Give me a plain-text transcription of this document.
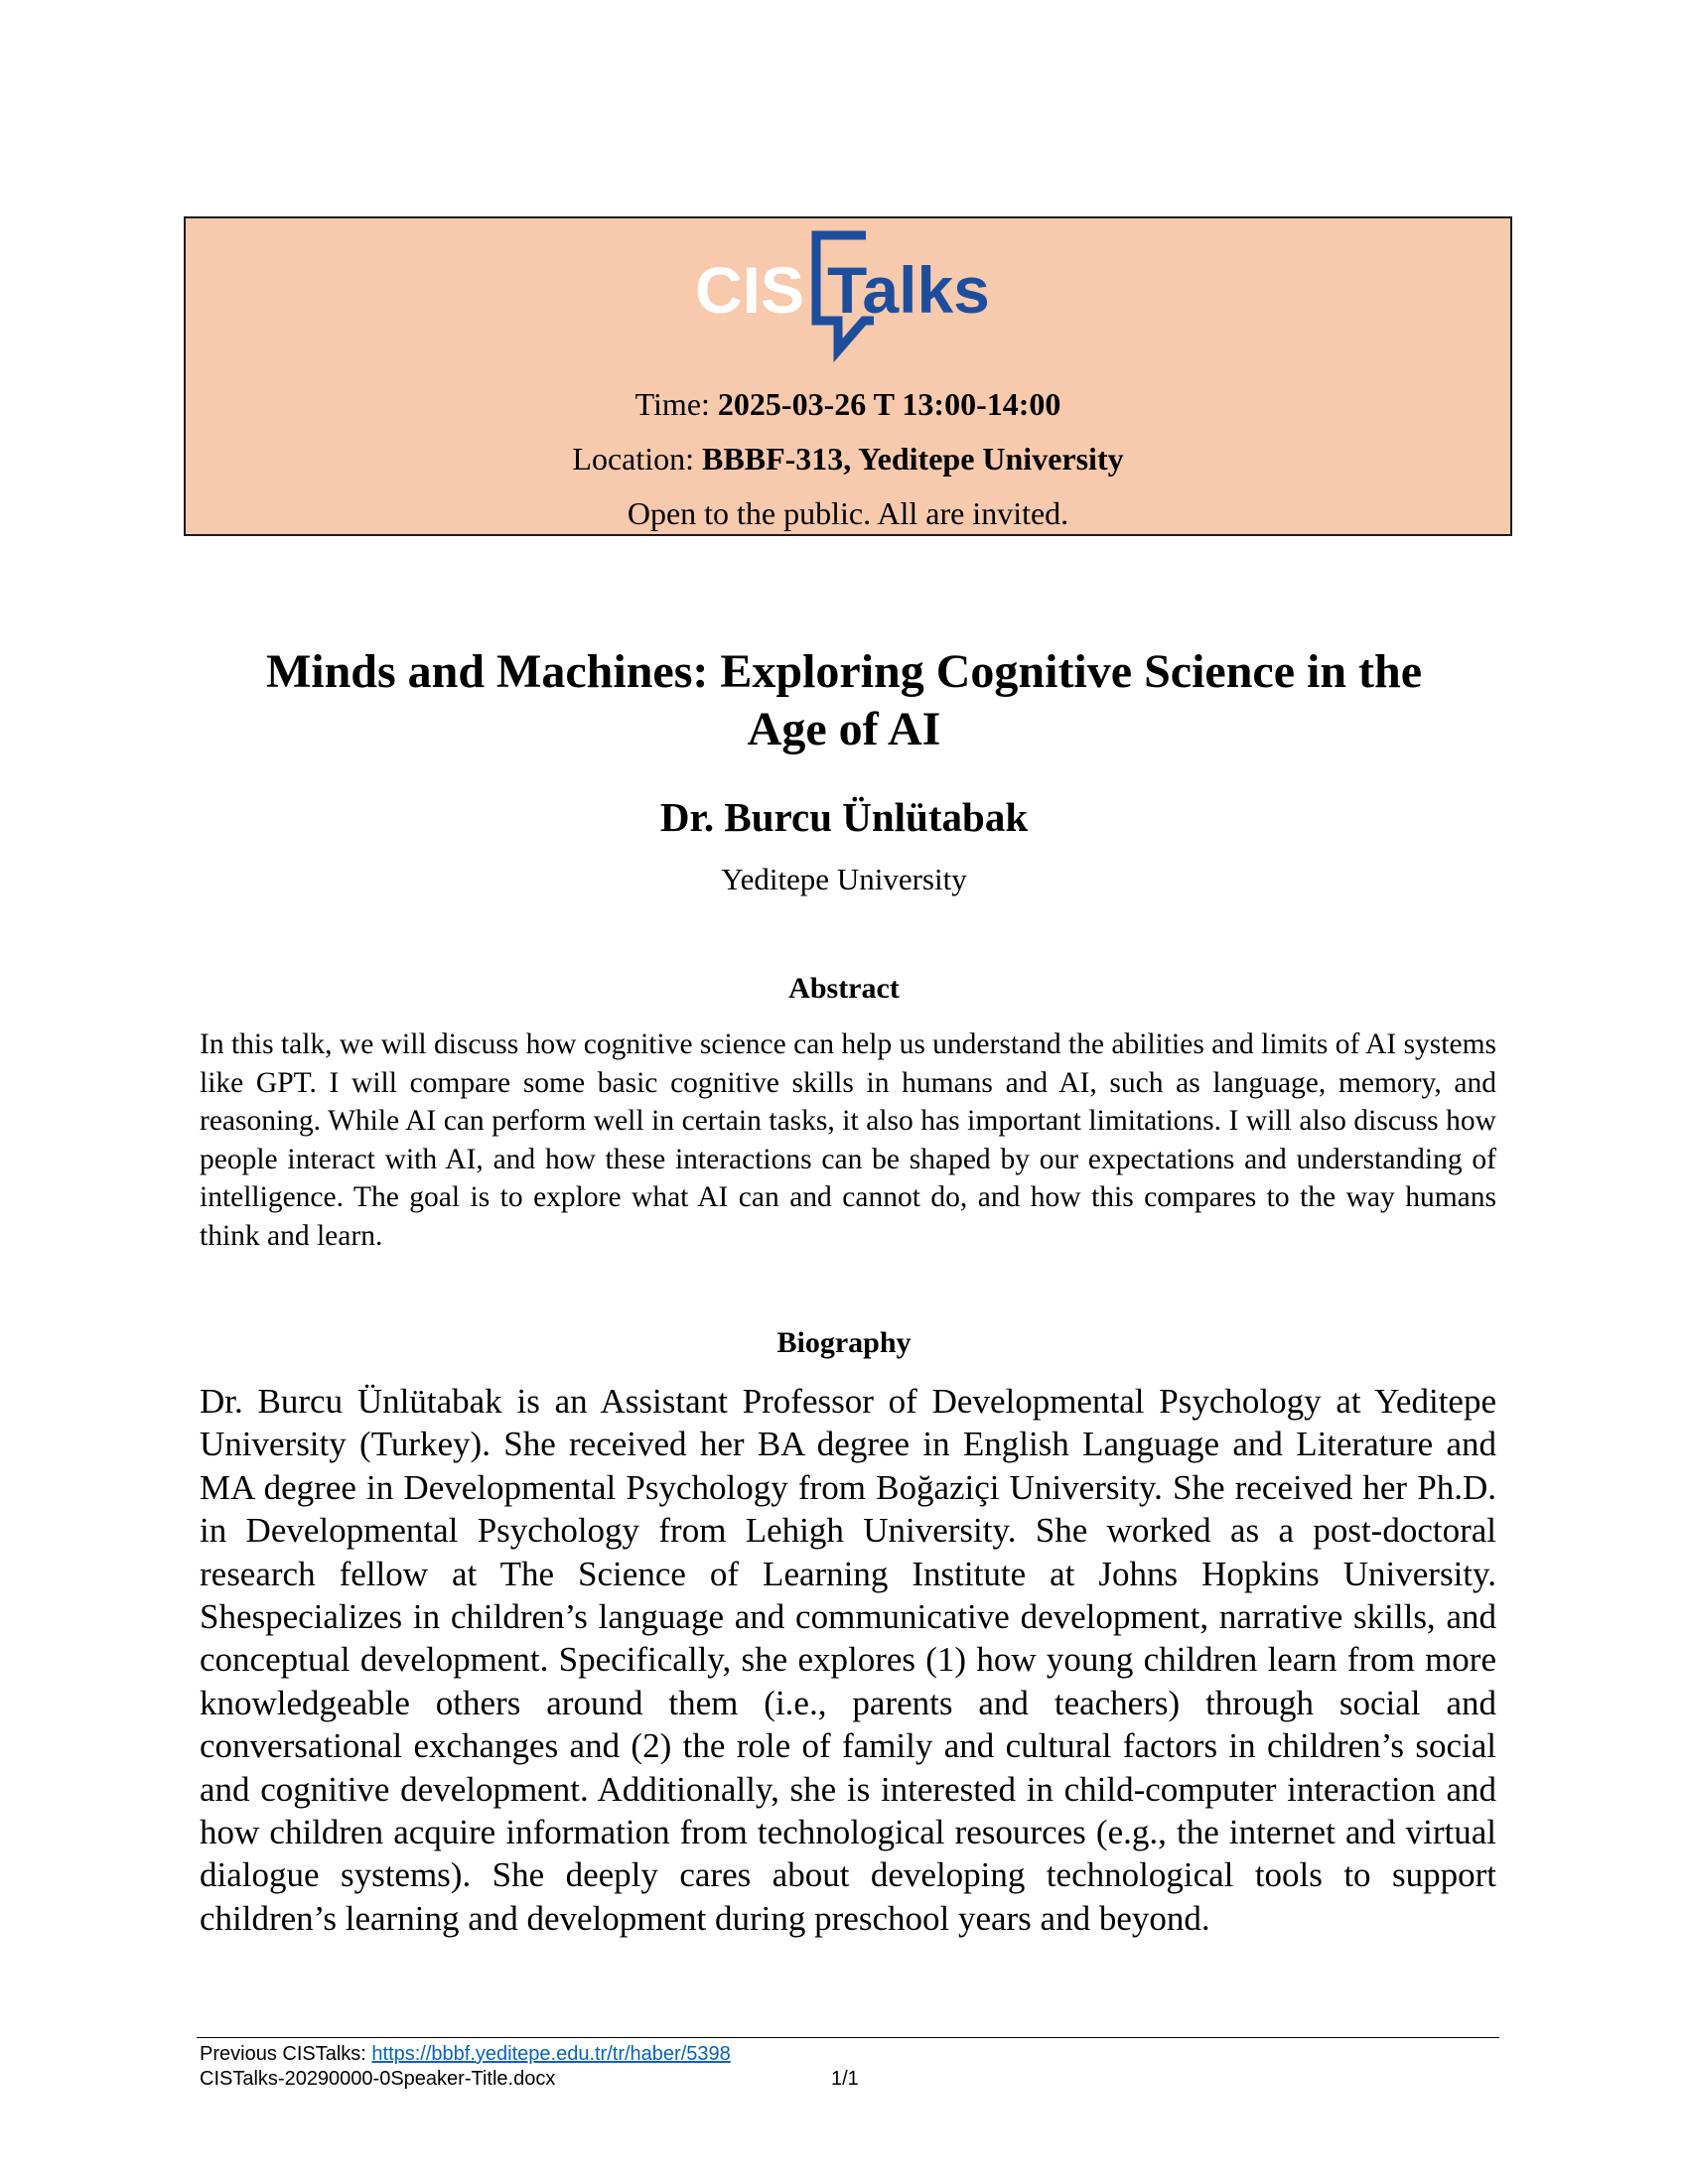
CIS Talks
Time: 2025-03-26 T 13:00-14:00
Location: BBBF-313, Yeditepe University
Open to the public. All are invited.
Minds and Machines: Exploring Cognitive Science in the
Age of AI
Dr. Burcu Ünlütabak
Yeditepe University
Abstract

In this talk, we will discuss how cognitive science can help us understand the abilities and limits of AI systems like GPT. I will compare some basic cognitive skills in humans and AI, such as language, memory, and reasoning. While AI can perform well in certain tasks, it also has important limitations. I will also discuss how people interact with AI, and how these interactions can be shaped by our expectations and understanding of intelligence. The goal is to explore what AI can and cannot do, and how this compares to the way humans think and learn.

Biography

Dr. Burcu Ünlütabak is an Assistant Professor of Developmental Psychology at Yeditepe University (Turkey). She received her BA degree in English Language and Literature and MA degree in Developmental Psychology from Boğaziçi University. She received her Ph.D. in Developmental Psychology from Lehigh University. She worked as a post-doctoral research fellow at The Science of Learning Institute at Johns Hopkins University. Shespecializes in children’s language and communicative development, narrative skills, and conceptual development. Specifically, she explores (1) how young children learn from more knowledgeable others around them (i.e., parents and teachers) through social and conversational exchanges and (2) the role of family and cultural factors in children’s social and cognitive development. Additionally, she is interested in child-computer interaction and how children acquire information from technological resources (e.g., the internet and virtual dialogue systems). She deeply cares about developing technological tools to support children’s learning and development during preschool years and beyond.

Previous CISTalks: https://bbbf.yeditepe.edu.tr/tr/haber/5398
CISTalks-20290000-0Speaker-Title.docx	1/1
